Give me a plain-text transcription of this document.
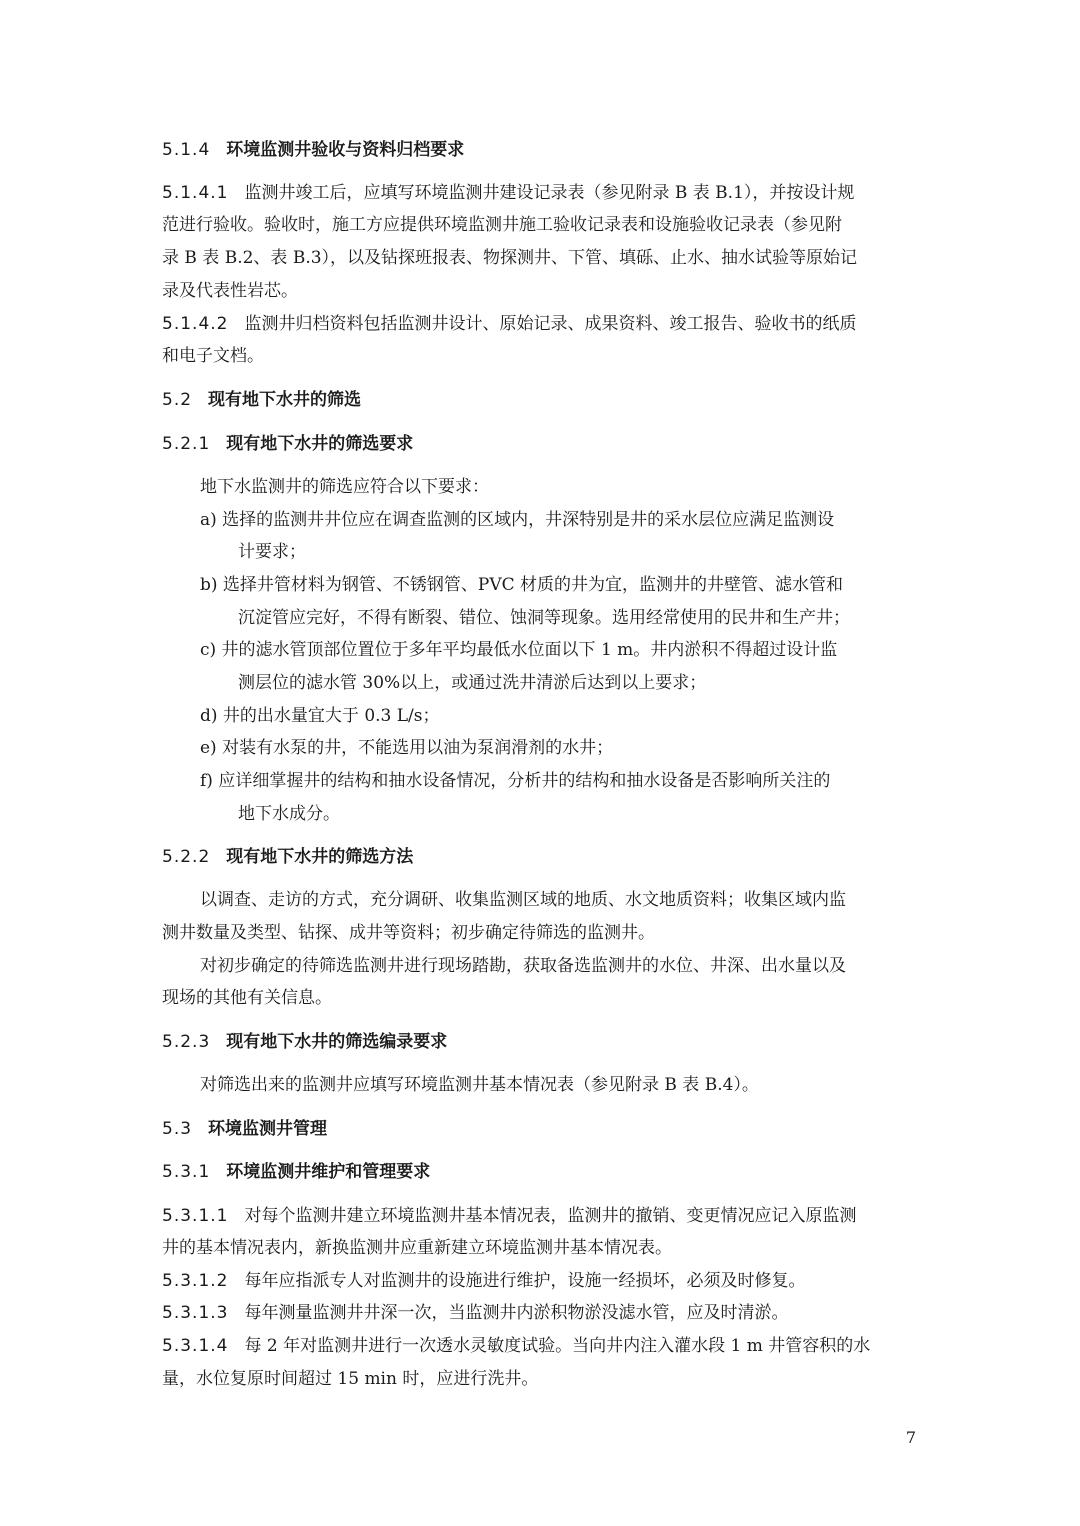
5.1.4 环境监测井验收与资料归档要求
5.1.4.1 监测井竣工后，应填写环境监测井建设记录表（参见附录 B 表 B.1），并按设计规
范进行验收。验收时，施工方应提供环境监测井施工验收记录表和设施验收记录表（参见附
录 B 表 B.2、表 B.3），以及钻探班报表、物探测井、下管、填砾、止水、抽水试验等原始记
录及代表性岩芯。
5.1.4.2 监测井归档资料包括监测井设计、原始记录、成果资料、竣工报告、验收书的纸质
和电子文档。
5.2 现有地下水井的筛选
5.2.1 现有地下水井的筛选要求
地下水监测井的筛选应符合以下要求：
a) 选择的监测井井位应在调查监测的区域内，井深特别是井的采水层位应满足监测设
计要求；
b) 选择井管材料为钢管、不锈钢管、PVC 材质的井为宜，监测井的井壁管、滤水管和
沉淀管应完好，不得有断裂、错位、蚀洞等现象。选用经常使用的民井和生产井；
c) 井的滤水管顶部位置位于多年平均最低水位面以下 1 m。井内淤积不得超过设计监
测层位的滤水管 30%以上，或通过洗井清淤后达到以上要求；
d) 井的出水量宜大于 0.3 L/s；
e) 对装有水泵的井，不能选用以油为泵润滑剂的水井；
f) 应详细掌握井的结构和抽水设备情况，分析井的结构和抽水设备是否影响所关注的
地下水成分。
5.2.2 现有地下水井的筛选方法
以调查、走访的方式，充分调研、收集监测区域的地质、水文地质资料；收集区域内监
测井数量及类型、钻探、成井等资料；初步确定待筛选的监测井。
对初步确定的待筛选监测井进行现场踏勘，获取备选监测井的水位、井深、出水量以及
现场的其他有关信息。
5.2.3 现有地下水井的筛选编录要求
对筛选出来的监测井应填写环境监测井基本情况表（参见附录 B 表 B.4）。
5.3 环境监测井管理
5.3.1 环境监测井维护和管理要求
5.3.1.1 对每个监测井建立环境监测井基本情况表，监测井的撤销、变更情况应记入原监测
井的基本情况表内，新换监测井应重新建立环境监测井基本情况表。
5.3.1.2 每年应指派专人对监测井的设施进行维护，设施一经损坏，必须及时修复。
5.3.1.3 每年测量监测井井深一次，当监测井内淤积物淤没滤水管，应及时清淤。
5.3.1.4 每 2 年对监测井进行一次透水灵敏度试验。当向井内注入灌水段 1 m 井管容积的水
量，水位复原时间超过 15 min 时，应进行洗井。
7
